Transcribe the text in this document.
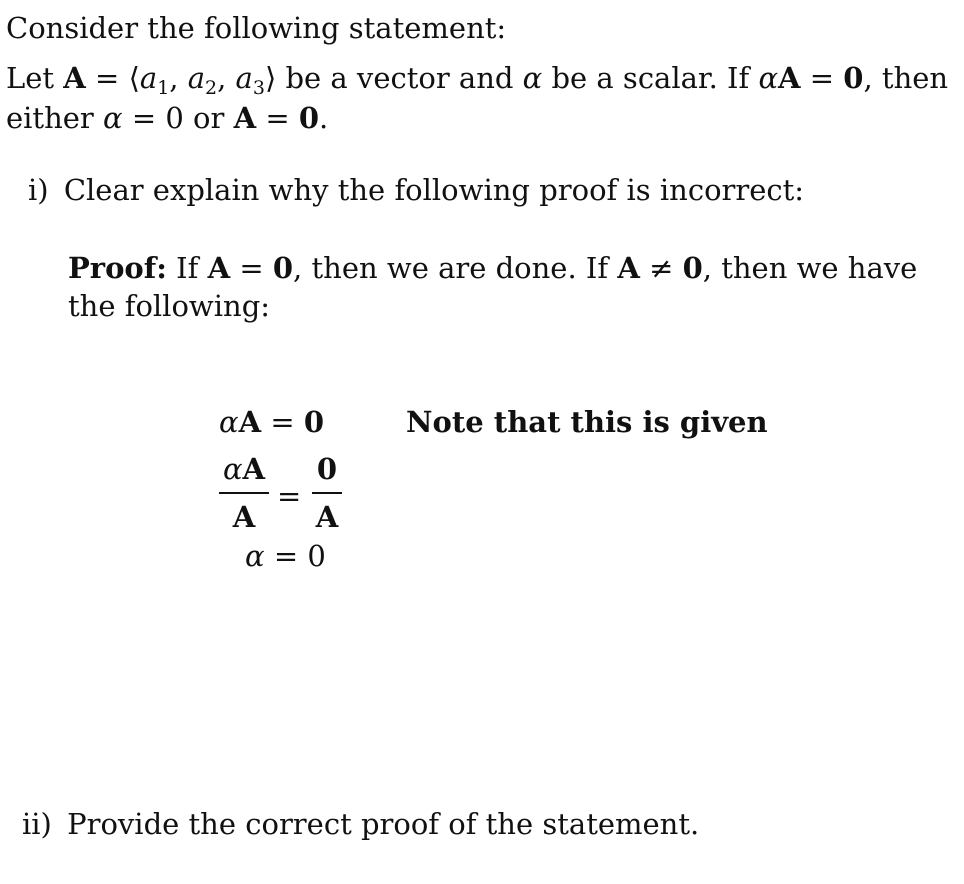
Consider the following statement:
Let $A = ⟨a_1$, $a_2$, $a_3⟩$ be a vector and α be a scalar. If αA = 0, then
either α = 0 or A = 0.
i) Clear explain why the following proof is incorrect:
Proof: If A = 0, then we are done. If A ≠ 0, then we have
the following:
αA = 0	Note that this is given
αA
A
=
0
A
α = 0
ii) Provide the correct proof of the statement.
